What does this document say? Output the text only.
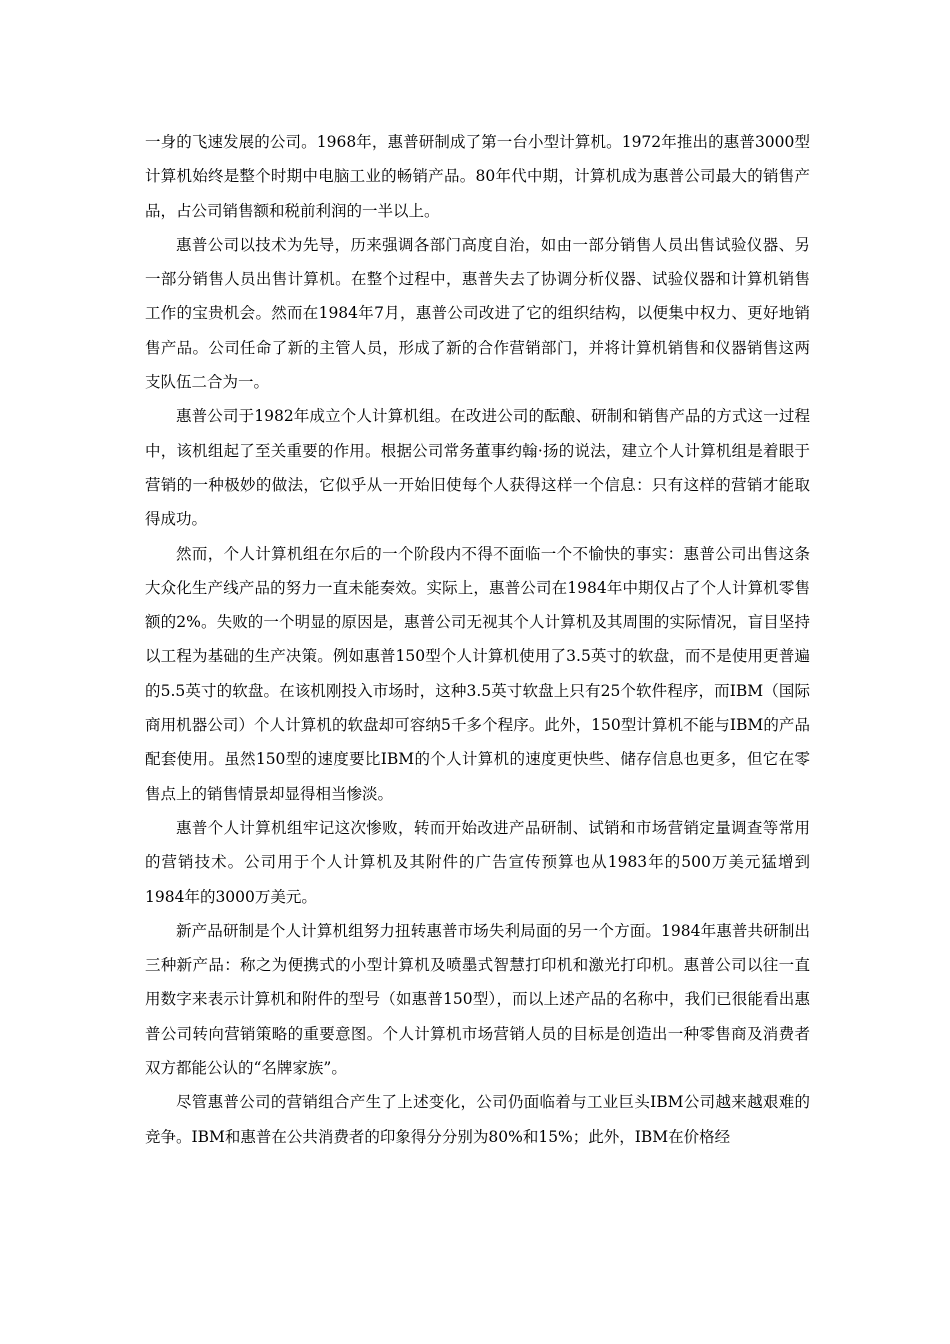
一身的飞速发展的公司。1968年，惠普研制成了第一台小型计算机。1972年推出的惠普3000型计算机始终是整个时期中电脑工业的畅销产品。80年代中期，计算机成为惠普公司最大的销售产品，占公司销售额和税前利润的一半以上。

惠普公司以技术为先导，历来强调各部门高度自治，如由一部分销售人员出售试验仪器、另一部分销售人员出售计算机。在整个过程中，惠普失去了协调分析仪器、试验仪器和计算机销售工作的宝贵机会。然而在1984年7月，惠普公司改进了它的组织结构，以便集中权力、更好地销售产品。公司任命了新的主管人员，形成了新的合作营销部门，并将计算机销售和仪器销售这两支队伍二合为一。

惠普公司于1982年成立个人计算机组。在改进公司的酝酿、研制和销售产品的方式这一过程中，该机组起了至关重要的作用。根据公司常务董事约翰·扬的说法，建立个人计算机组是着眼于营销的一种极妙的做法，它似乎从一开始旧使每个人获得这样一个信息：只有这样的营销才能取得成功。

然而，个人计算机组在尔后的一个阶段内不得不面临一个不愉快的事实：惠普公司出售这条大众化生产线产品的努力一直未能奏效。实际上，惠普公司在1984年中期仅占了个人计算机零售额的2%。失败的一个明显的原因是，惠普公司无视其个人计算机及其周围的实际情况，盲目坚持以工程为基础的生产决策。例如惠普150型个人计算机使用了3.5英寸的软盘，而不是使用更普遍的5.5英寸的软盘。在该机刚投入市场时，这种3.5英寸软盘上只有25个软件程序，而IBM（国际商用机器公司）个人计算机的软盘却可容纳5千多个程序。此外，150型计算机不能与IBM的产品配套使用。虽然150型的速度要比IBM的个人计算机的速度更快些、储存信息也更多，但它在零售点上的销售情景却显得相当惨淡。

惠普个人计算机组牢记这次惨败，转而开始改进产品研制、试销和市场营销定量调查等常用的营销技术。公司用于个人计算机及其附件的广告宣传预算也从1983年的500万美元猛增到1984年的3000万美元。

新产品研制是个人计算机组努力扭转惠普市场失利局面的另一个方面。1984年惠普共研制出三种新产品：称之为便携式的小型计算机及喷墨式智慧打印机和激光打印机。惠普公司以往一直用数字来表示计算机和附件的型号（如惠普150型），而以上述产品的名称中，我们已很能看出惠普公司转向营销策略的重要意图。个人计算机市场营销人员的目标是创造出一种零售商及消费者双方都能公认的“名牌家族”。

尽管惠普公司的营销组合产生了上述变化，公司仍面临着与工业巨头IBM公司越来越艰难的竞争。IBM和惠普在公共消费者的印象得分分别为80%和15%；此外，IBM在价格经
